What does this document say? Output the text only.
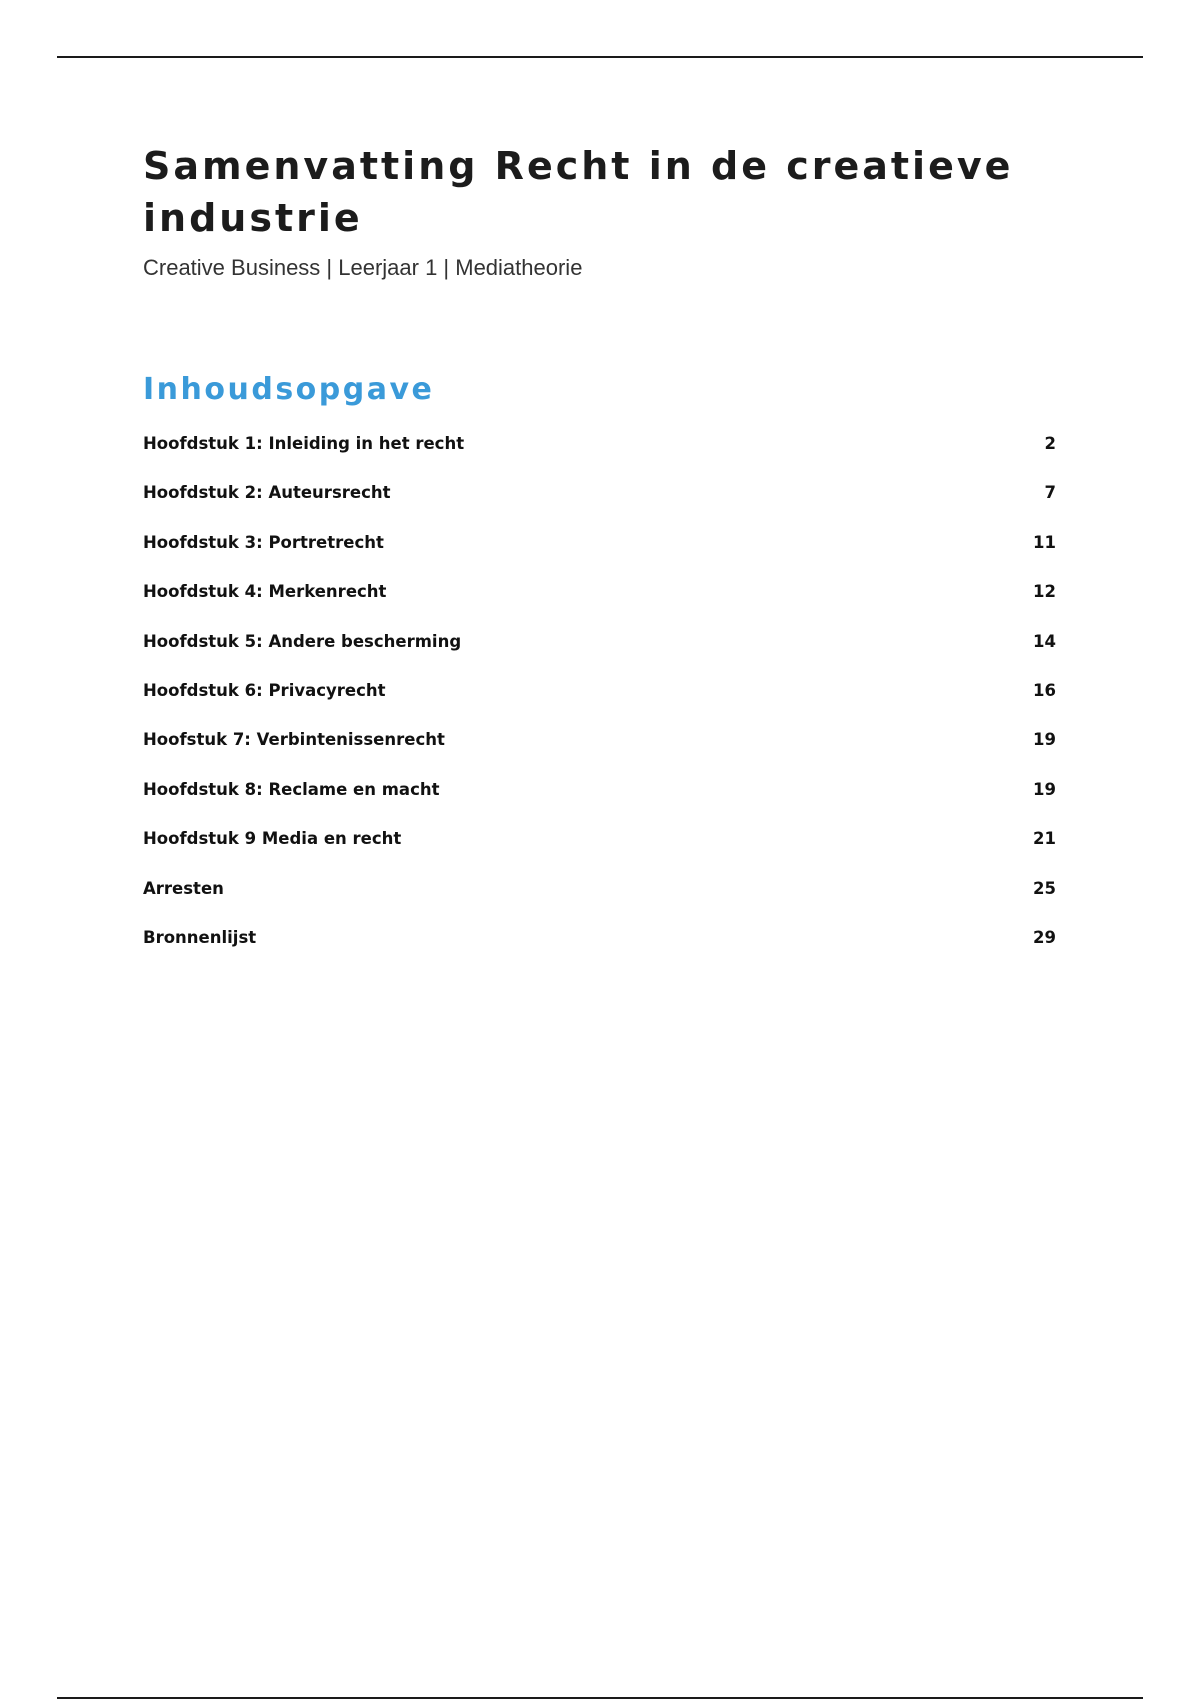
Samenvatting Recht in de creatieve industrie

Creative Business | Leerjaar 1 | Mediatheorie

Inhoudsopgave
Hoofdstuk 1: Inleiding in het recht	2
Hoofdstuk 2: Auteursrecht	7
Hoofdstuk 3: Portretrecht	11
Hoofdstuk 4: Merkenrecht	12
Hoofdstuk 5: Andere bescherming	14
Hoofdstuk 6: Privacyrecht	16
Hoofstuk 7: Verbintenissenrecht	19
Hoofdstuk 8: Reclame en macht	19
Hoofdstuk 9 Media en recht	21
Arresten	25
Bronnenlijst	29
